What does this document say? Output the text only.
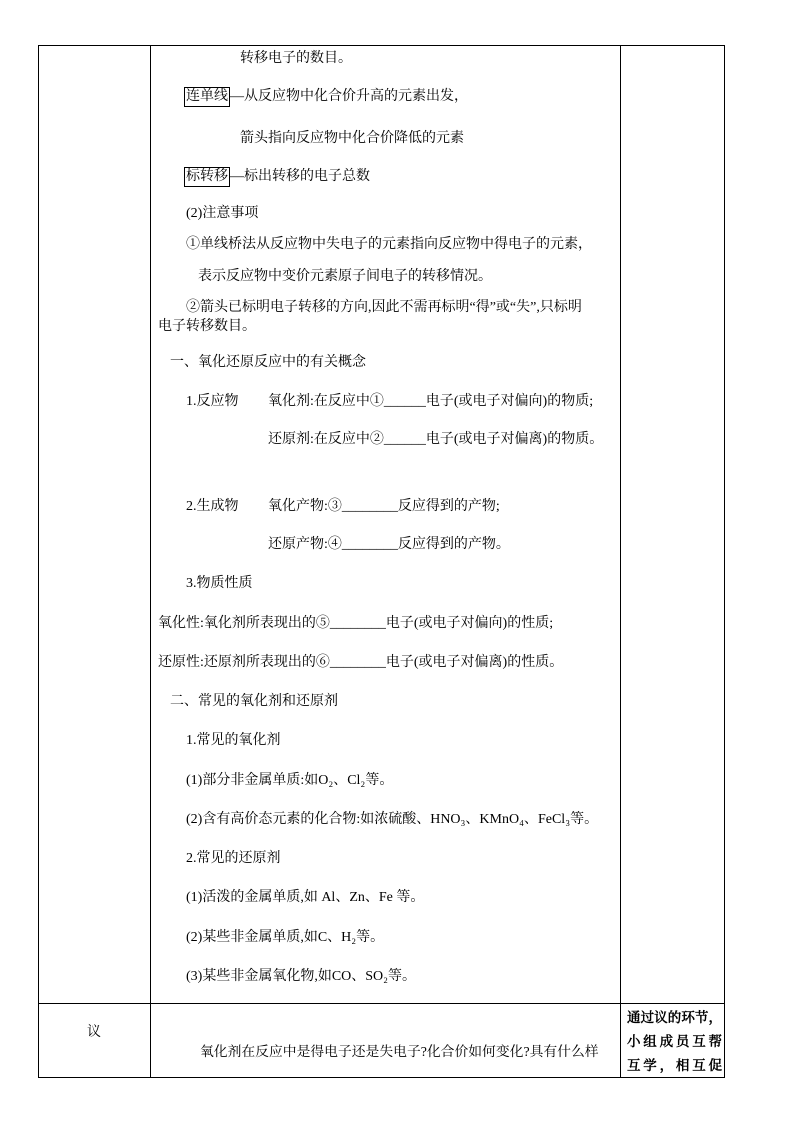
转移电子的数目。
连单线 —从反应物中化合价升高的元素出发，
箭头指向反应物中化合价降低的元素
标转移 —标出转移的电子总数
(2)注意事项
①单线桥法从反应物中失电子的元素指向反应物中得电子的元素，
表示反应物中变价元素原子间电子的转移情况。
②箭头已标明电子转移的方向,因此不需再标明“得”或“失”,只标明
电子转移数目。
一、氧化还原反应中的有关概念
1.反应物 氧化剂:在反应中①______电子(或电子对偏向)的物质;
还原剂:在反应中②______电子(或电子对偏离)的物质。
2.生成物 氧化产物:③________反应得到的产物;
还原产物:④________反应得到的产物。
3.物质性质
氧化性:氧化剂所表现出的⑤________电子(或电子对偏向)的性质;
还原性:还原剂所表现出的⑥________电子(或电子对偏离)的性质。
二、常见的氧化剂和还原剂
1.常见的氧化剂
(1)部分非金属单质:如O₂、Cl₂等。
(2)含有高价态元素的化合物:如浓硫酸、HNO₃、KMnO₄、FeCl₃等。
2.常见的还原剂
(1)活泼的金属单质,如 Al、Zn、Fe 等。
(2)某些非金属单质,如C、H₂等。
(3)某些非金属氧化物,如CO、SO₂等。
议
氧化剂在反应中是得电子还是失电子?化合价如何变化?具有什么样
通过议的环节，
小组成员互帮
互学，相互促
